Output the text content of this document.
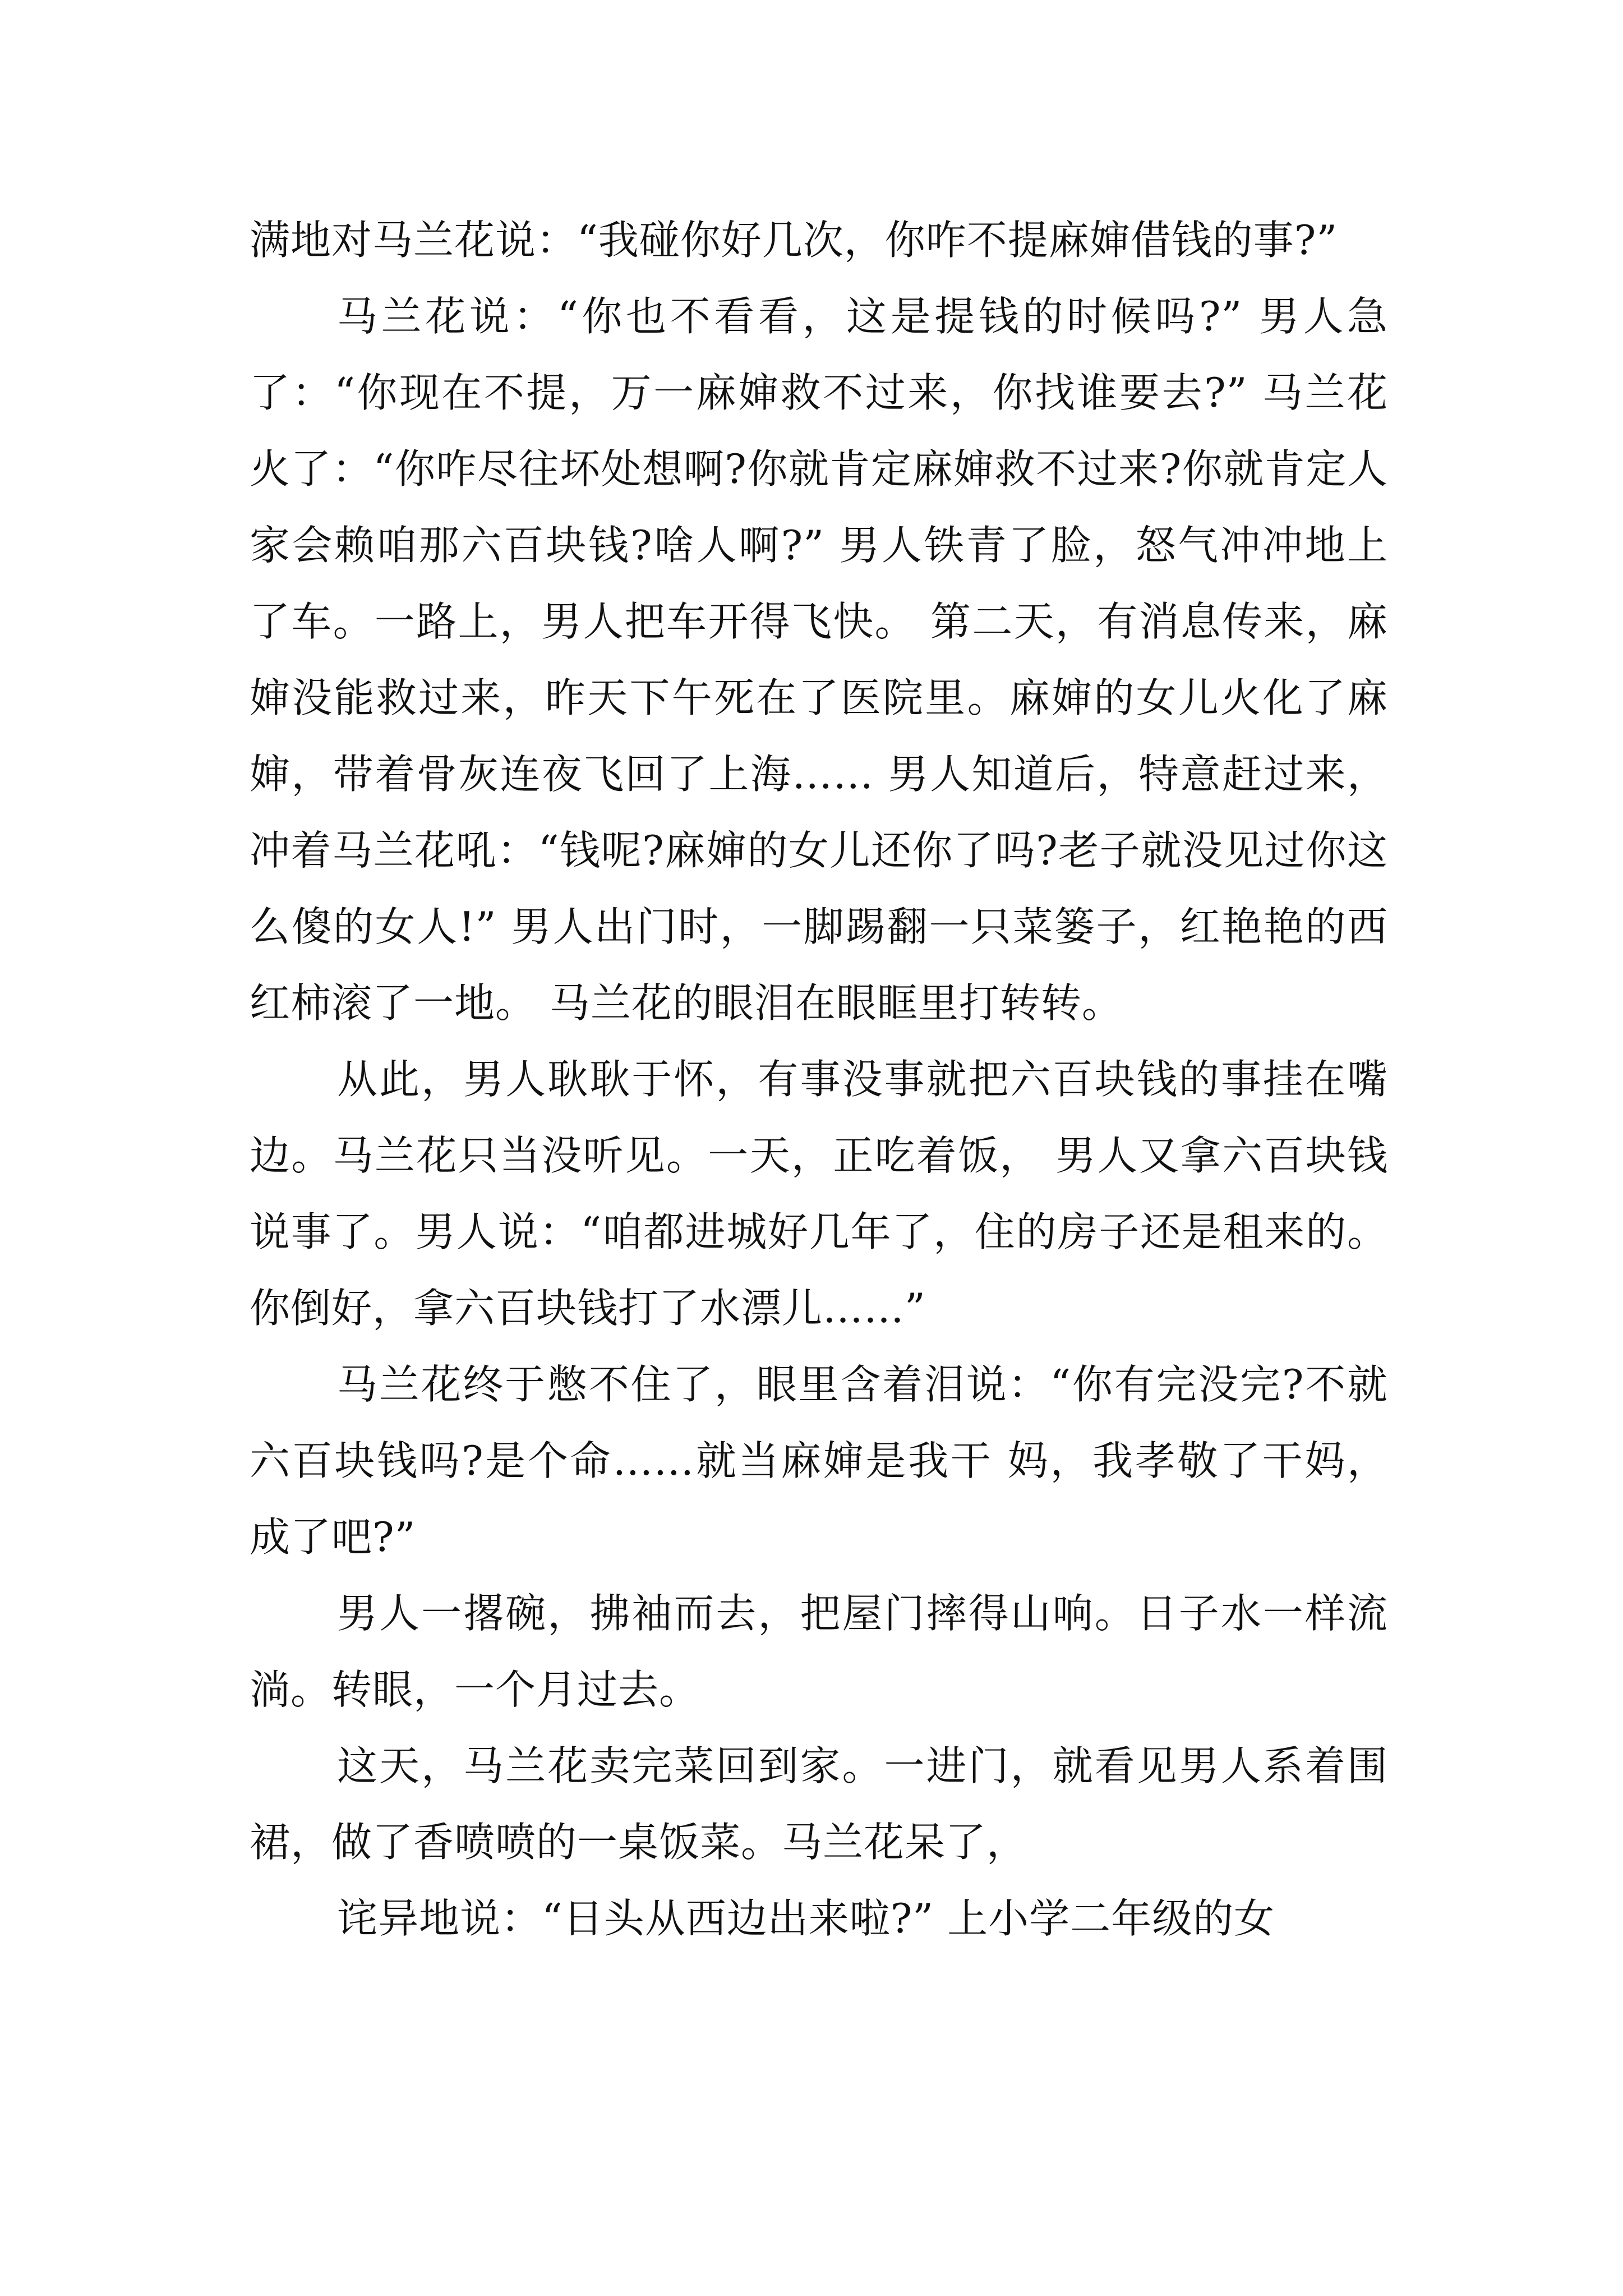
满地对马兰花说：“我碰你好几次，你咋不提麻婶借钱的事?”

马兰花说：“你也不看看，这是提钱的时候吗?” 男人急了：“你现在不提，万一麻婶救不过来，你找谁要去?” 马兰花火了：“你咋尽往坏处想啊?你就肯定麻婶救不过来?你就肯定人家会赖咱那六百块钱?啥人啊?” 男人铁青了脸，怒气冲冲地上了车。一路上，男人把车开得飞快。 第二天，有消息传来，麻婶没能救过来，昨天下午死在了医院里。麻婶的女儿火化了麻婶，带着骨灰连夜飞回了上海…… 男人知道后，特意赶过来，冲着马兰花吼：“钱呢?麻婶的女儿还你了吗?老子就没见过你这么傻的女人!” 男人出门时，一脚踢翻一只菜篓子，红艳艳的西红柿滚了一地。 马兰花的眼泪在眼眶里打转转。

从此，男人耿耿于怀，有事没事就把六百块钱的事挂在嘴边。马兰花只当没听见。一天，正吃着饭， 男人又拿六百块钱说事了。男人说：“咱都进城好几年了，住的房子还是租来的。你倒好，拿六百块钱打了水漂儿……”

马兰花终于憋不住了，眼里含着泪说：“你有完没完?不就六百块钱吗?是个命……就当麻婶是我干 妈，我孝敬了干妈，成了吧?”

男人一撂碗，拂袖而去，把屋门摔得山响。日子水一样流淌。转眼，一个月过去。

这天，马兰花卖完菜回到家。一进门，就看见男人系着围裙，做了香喷喷的一桌饭菜。马兰花呆了，

诧异地说：“日头从西边出来啦?” 上小学二年级的女
